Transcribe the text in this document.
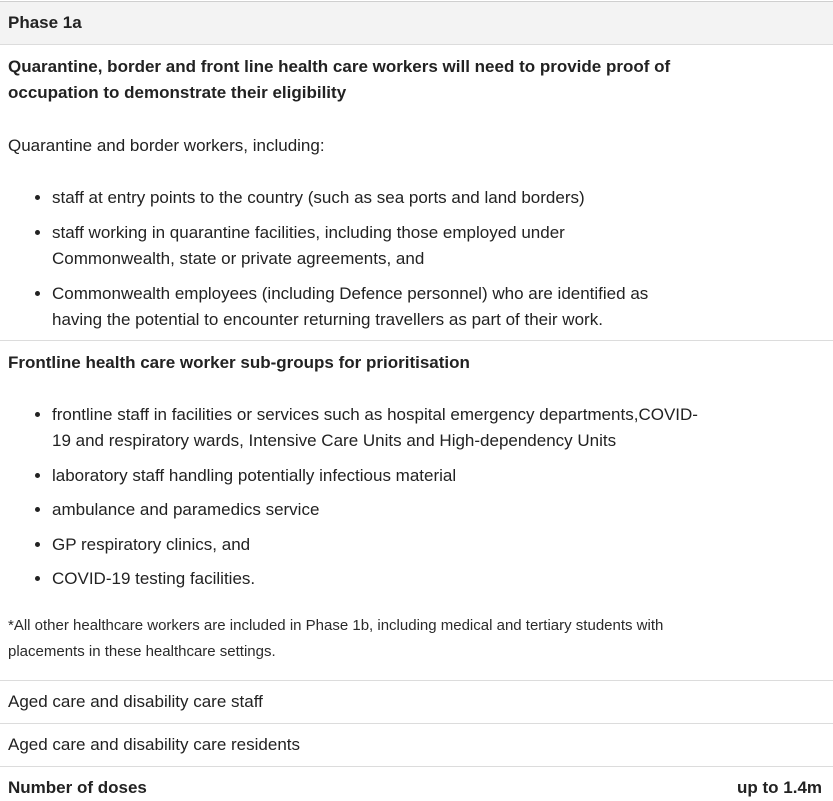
Phase 1a
Quarantine, border and front line health care workers will need to provide proof of
occupation to demonstrate their eligibility
Quarantine and border workers, including:
• staff at entry points to the country (such as sea ports and land borders)
• staff working in quarantine facilities, including those employed under
Commonwealth, state or private agreements, and
• Commonwealth employees (including Defence personnel) who are identified as
having the potential to encounter returning travellers as part of their work.
Frontline health care worker sub-groups for prioritisation
• frontline staff in facilities or services such as hospital emergency departments,COVID-
19 and respiratory wards, Intensive Care Units and High-dependency Units
• laboratory staff handling potentially infectious material
• ambulance and paramedics service
• GP respiratory clinics, and
• COVID-19 testing facilities.
*All other healthcare workers are included in Phase 1b, including medical and tertiary students with
placements in these healthcare settings.
Aged care and disability care staff
Aged care and disability care residents
Number of doses	up to 1.4m
